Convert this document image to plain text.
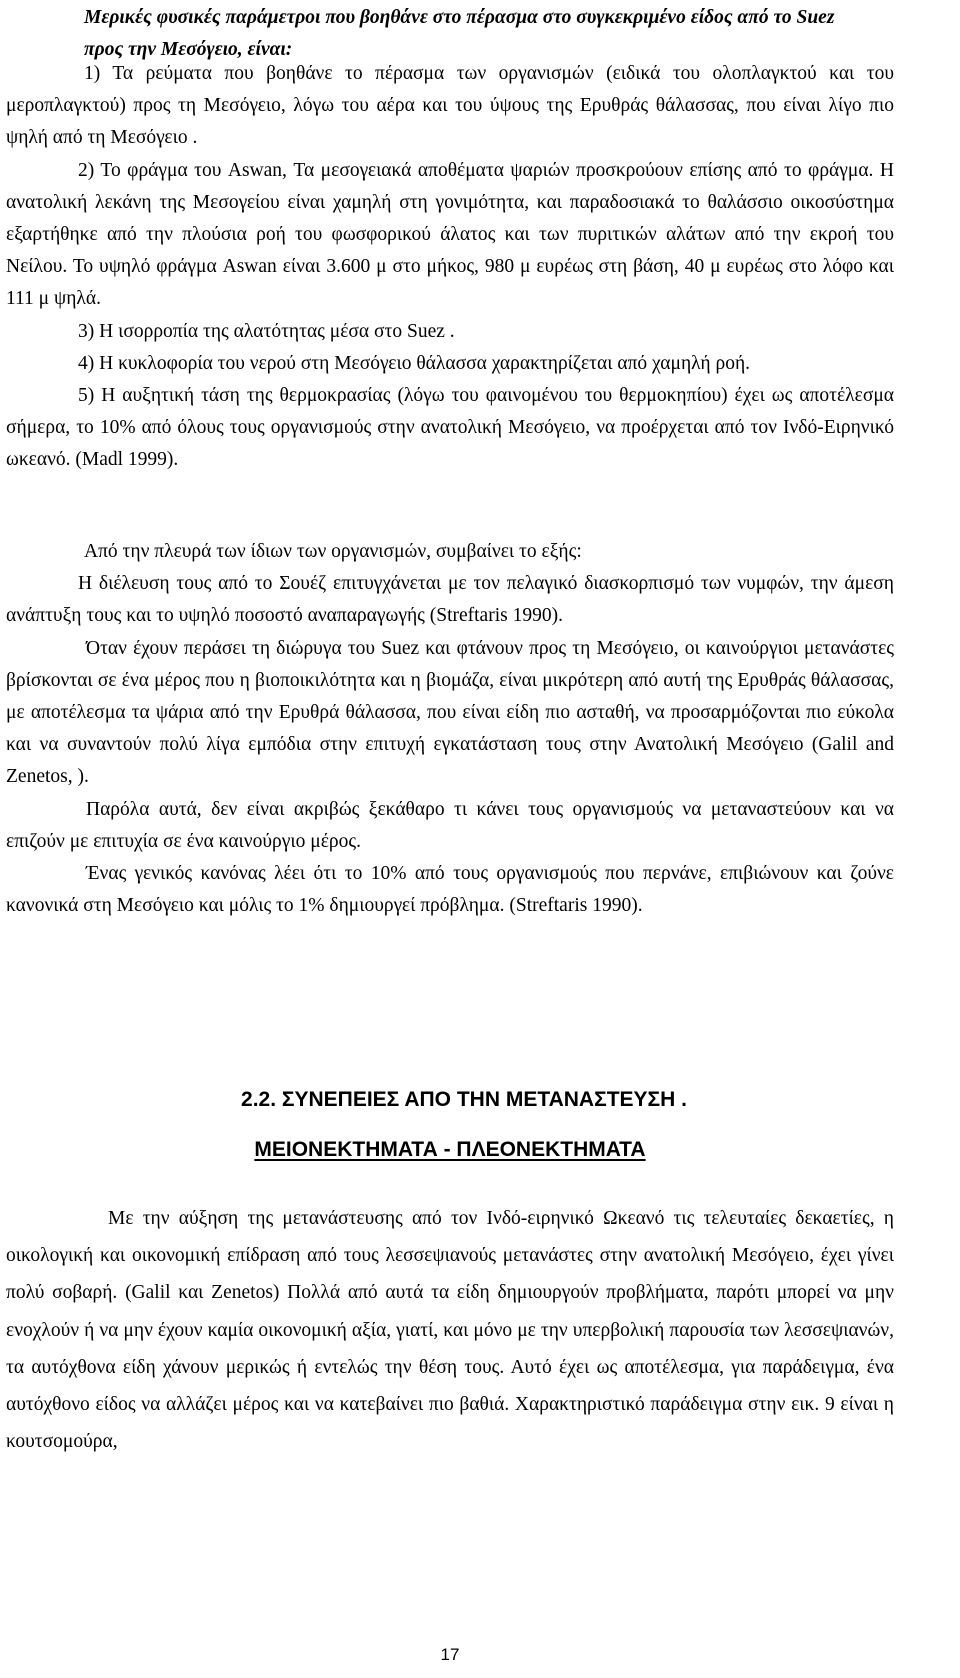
Μερικές φυσικές παράμετροι που βοηθάνε στο πέρασμα στο συγκεκριμένο είδος από το Suez προς την Μεσόγειο, είναι:

1) Τα ρεύματα που βοηθάνε το πέρασμα των οργανισμών (ειδικά του ολοπλαγκτού και του μεροπλαγκτού) προς τη Μεσόγειο, λόγω του αέρα και του ύψους της Ερυθράς θάλασσας, που είναι λίγο πιο ψηλή από τη Μεσόγειο .

2) Το φράγμα του Aswan, Τα μεσογειακά αποθέματα ψαριών προσκρούουν επίσης από το φράγμα. Η ανατολική λεκάνη της Μεσογείου είναι χαμηλή στη γονιμότητα, και παραδοσιακά το θαλάσσιο οικοσύστημα εξαρτήθηκε από την πλούσια ροή του φωσφορικού άλατος και των πυριτικών αλάτων από την εκροή του Νείλου. Το υψηλό φράγμα Aswan είναι 3.600 μ στο μήκος, 980 μ ευρέως στη βάση, 40 μ ευρέως στο λόφο και 111 μ ψηλά.

3) Η ισορροπία της αλατότητας μέσα στο Suez .

4) Η κυκλοφορία του νερού στη Μεσόγειο θάλασσα χαρακτηρίζεται από χαμηλή ροή.

5) Η αυξητική τάση της θερμοκρασίας (λόγω του φαινομένου του θερμοκηπίου) έχει ως αποτέλεσμα σήμερα, το 10% από όλους τους οργανισμούς στην ανατολική Μεσόγειο, να προέρχεται από τον Ινδό-Ειρηνικό ωκεανό. (Madl 1999).

Από την πλευρά των ίδιων των οργανισμών, συμβαίνει το εξής:

Η διέλευση τους από το Σουέζ επιτυγχάνεται με τον πελαγικό διασκορπισμό των νυμφών, την άμεση ανάπτυξη τους και το υψηλό ποσοστό αναπαραγωγής (Streftaris 1990).

Όταν έχουν περάσει τη διώρυγα του Suez και φτάνουν προς τη Μεσόγειο, οι καινούργιοι μετανάστες βρίσκονται σε ένα μέρος που η βιοποικιλότητα και η βιομάζα, είναι μικρότερη από αυτή της Ερυθράς θάλασσας, με αποτέλεσμα τα ψάρια από την Ερυθρά θάλασσα, που είναι είδη πιο ασταθή, να προσαρμόζονται πιο εύκολα και να συναντούν πολύ λίγα εμπόδια στην επιτυχή εγκατάσταση τους στην Ανατολική Μεσόγειο (Galil and Zenetos, ).

Παρόλα αυτά, δεν είναι ακριβώς ξεκάθαρο τι κάνει τους οργανισμούς να μεταναστεύουν και να επιζούν με επιτυχία σε ένα καινούργιο μέρος.

Ένας γενικός κανόνας λέει ότι το 10% από τους οργανισμούς που περνάνε, επιβιώνουν και ζούνε κανονικά στη Μεσόγειο και μόλις το 1% δημιουργεί πρόβλημα. (Streftaris 1990).

2.2. ΣΥΝΕΠΕΙΕΣ ΑΠΟ ΤΗΝ ΜΕΤΑΝΑΣΤΕΥΣΗ .
ΜΕΙΟΝΕΚΤΗΜΑΤΑ - ΠΛΕΟΝΕΚΤΗΜΑΤΑ

Με την αύξηση της μετανάστευσης από τον Ινδό-ειρηνικό Ωκεανό τις τελευταίες δεκαετίες, η οικολογική και οικονομική επίδραση από τους λεσσεψιανούς μετανάστες στην ανατολική Μεσόγειο, έχει γίνει πολύ σοβαρή. (Galil και Zenetos) Πολλά από αυτά τα είδη δημιουργούν προβλήματα, παρότι μπορεί να μην ενοχλούν ή να μην έχουν καμία οικονομική αξία, γιατί, και μόνο με την υπερβολική παρουσία των λεσσεψιανών, τα αυτόχθονα είδη χάνουν μερικώς ή εντελώς την θέση τους. Αυτό έχει ως αποτέλεσμα, για παράδειγμα, ένα αυτόχθονο είδος να αλλάζει μέρος και να κατεβαίνει πιο βαθιά. Χαρακτηριστικό παράδειγμα στην εικ. 9 είναι η κουτσομούρα,

17
